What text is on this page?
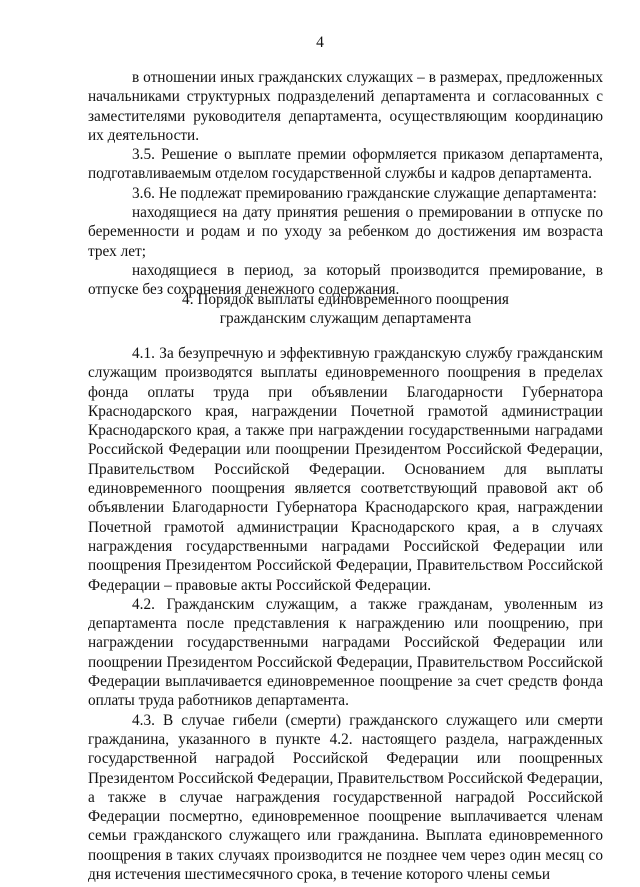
4

в отношении иных гражданских служащих – в размерах, предложенных начальниками структурных подразделений департамента и согласованных с заместителями руководителя департамента, осуществляющим координацию их деятельности.

3.5. Решение о выплате премии оформляется приказом департамента, подготавливаемым отделом государственной службы и кадров департамента.

3.6. Не подлежат премированию гражданские служащие департамента:

находящиеся на дату принятия решения о премировании в отпуске по беременности и родам и по уходу за ребенком до достижения им возраста трех лет;

находящиеся в период, за который производится премирование, в отпуске без сохранения денежного содержания.

4. Порядок выплаты единовременного поощрения
гражданским служащим департамента

4.1. За безупречную и эффективную гражданскую службу гражданским служащим производятся выплаты единовременного поощрения в пределах фонда оплаты труда при объявлении Благодарности Губернатора Краснодарского края, награждении Почетной грамотой администрации Краснодарского края, а также при награждении государственными наградами Российской Федерации или поощрении Президентом Российской Федерации, Правительством Российской Федерации. Основанием для выплаты единовременного поощрения является соответствующий правовой акт об объявлении Благодарности Губернатора Краснодарского края, награждении Почетной грамотой администрации Краснодарского края, а в случаях награждения государственными наградами Российской Федерации или поощрения Президентом Российской Федерации, Правительством Российской Федерации – правовые акты Российской Федерации.

4.2. Гражданским служащим, а также гражданам, уволенным из департамента после представления к награждению или поощрению, при награждении государственными наградами Российской Федерации или поощрении Президентом Российской Федерации, Правительством Российской Федерации выплачивается единовременное поощрение за счет средств фонда оплаты труда работников департамента.

4.3. В случае гибели (смерти) гражданского служащего или смерти гражданина, указанного в пункте 4.2. настоящего раздела, награжденных государственной наградой Российской Федерации или поощренных Президентом Российской Федерации, Правительством Российской Федерации, а также в случае награждения государственной наградой Российской Федерации посмертно, единовременное поощрение выплачивается членам семьи гражданского служащего или гражданина. Выплата единовременного поощрения в таких случаях производится не позднее чем через один месяц со дня истечения шестимесячного срока, в течение которого члены семьи
